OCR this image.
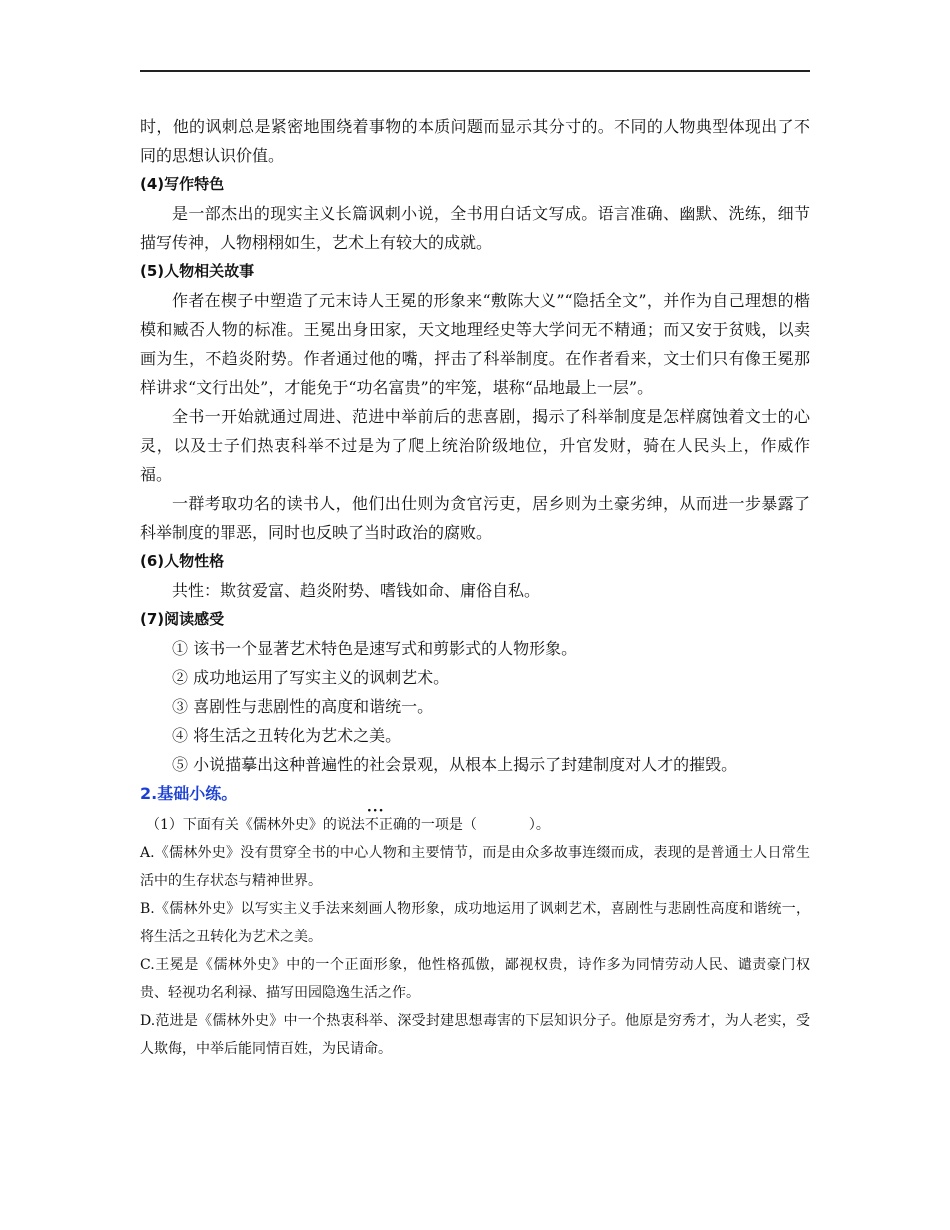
时，他的讽刺总是紧密地围绕着事物的本质问题而显示其分寸的。不同的人物典型体现出了不同的思想认识价值。

(4)写作特色

是一部杰出的现实主义长篇讽刺小说，全书用白话文写成。语言准确、幽默、洗练，细节描写传神，人物栩栩如生，艺术上有较大的成就。

(5)人物相关故事

作者在楔子中塑造了元末诗人王冕的形象来“敷陈大义”“隐括全文”，并作为自己理想的楷模和臧否人物的标准。王冕出身田家，天文地理经史等大学问无不精通；而又安于贫贱，以卖画为生，不趋炎附势。作者通过他的嘴，抨击了科举制度。在作者看来，文士们只有像王冕那样讲求“文行出处”，才能免于“功名富贵”的牢笼，堪称“品地最上一层”。

全书一开始就通过周进、范进中举前后的悲喜剧，揭示了科举制度是怎样腐蚀着文士的心灵，以及士子们热衷科举不过是为了爬上统治阶级地位，升官发财，骑在人民头上，作威作福。

一群考取功名的读书人，他们出仕则为贪官污吏，居乡则为土豪劣绅，从而进一步暴露了科举制度的罪恶，同时也反映了当时政治的腐败。

(6)人物性格

共性：欺贫爱富、趋炎附势、嗜钱如命、庸俗自私。

(7)阅读感受

① 该书一个显著艺术特色是速写式和剪影式的人物形象。

② 成功地运用了写实主义的讽刺艺术。

③ 喜剧性与悲剧性的高度和谐统一。

④ 将生活之丑转化为艺术之美。

⑤ 小说描摹出这种普遍性的社会景观，从根本上揭示了封建制度对人才的摧毁。

2.基础小练。

（1）下面有关《儒林外史》的说法··· 不正确的一项是（	）。

A.《儒林外史》没有贯穿全书的中心人物和主要情节，而是由众多故事连缀而成，表现的是普通士人日常生活中的生存状态与精神世界。

B.《儒林外史》以写实主义手法来刻画人物形象，成功地运用了讽刺艺术，喜剧性与悲剧性高度和谐统一，将生活之丑转化为艺术之美。

C.王冕是《儒林外史》中的一个正面形象，他性格孤傲，鄙视权贵，诗作多为同情劳动人民、谴责豪门权贵、轻视功名利禄、描写田园隐逸生活之作。

D.范进是《儒林外史》中一个热衷科举、深受封建思想毒害的下层知识分子。他原是穷秀才，为人老实，受人欺侮，中举后能同情百姓，为民请命。
